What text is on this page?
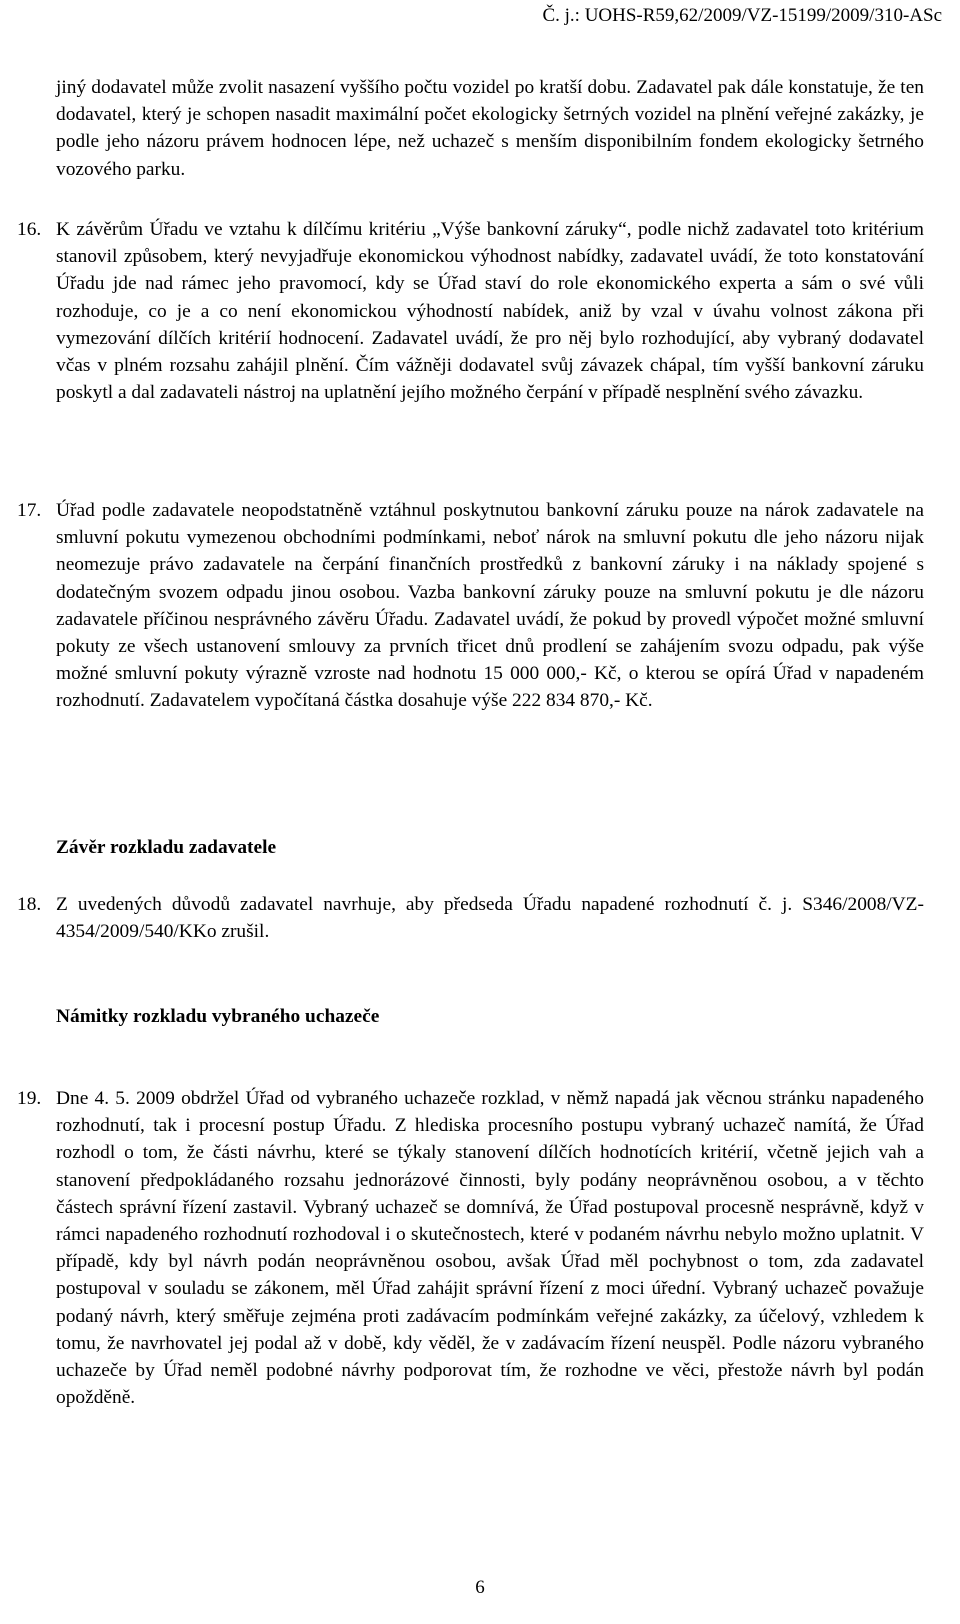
Č. j.: UOHS-R59,62/2009/VZ-15199/2009/310-ASc
jiný dodavatel může zvolit nasazení vyššího počtu vozidel po kratší dobu. Zadavatel pak dále konstatuje, že ten dodavatel, který je schopen nasadit maximální počet ekologicky šetrných vozidel na plnění veřejné zakázky, je podle jeho názoru právem hodnocen lépe, než uchazeč s menším disponibilním fondem ekologicky šetrného vozového parku.
16. K závěrům Úřadu ve vztahu k dílčímu kritériu „Výše bankovní záruky“, podle nichž zadavatel toto kritérium stanovil způsobem, který nevyjadřuje ekonomickou výhodnost nabídky, zadavatel uvádí, že toto konstatování Úřadu jde nad rámec jeho pravomocí, kdy se Úřad staví do role ekonomického experta a sám o své vůli rozhoduje, co je a co není ekonomickou výhodností nabídek, aniž by vzal v úvahu volnost zákona při vymezování dílčích kritérií hodnocení. Zadavatel uvádí, že pro něj bylo rozhodující, aby vybraný dodavatel včas v plném rozsahu zahájil plnění. Čím vážněji dodavatel svůj závazek chápal, tím vyšší bankovní záruku poskytl a dal zadavateli nástroj na uplatnění jejího možného čerpání v případě nesplnění svého závazku.
17. Úřad podle zadavatele neopodstatněně vztáhnul poskytnutou bankovní záruku pouze na nárok zadavatele na smluvní pokutu vymezenou obchodními podmínkami, neboť nárok na smluvní pokutu dle jeho názoru nijak neomezuje právo zadavatele na čerpání finančních prostředků z bankovní záruky i na náklady spojené s dodatečným svozem odpadu jinou osobou. Vazba bankovní záruky pouze na smluvní pokutu je dle názoru zadavatele příčinou nesprávného závěru Úřadu. Zadavatel uvádí, že pokud by provedl výpočet možné smluvní pokuty ze všech ustanovení smlouvy za prvních třicet dnů prodlení se zahájením svozu odpadu, pak výše možné smluvní pokuty výrazně vzroste nad hodnotu 15 000 000,- Kč, o kterou se opírá Úřad v napadeném rozhodnutí. Zadavatelem vypočítaná částka dosahuje výše 222 834 870,- Kč.
Závěr rozkladu zadavatele
18. Z uvedených důvodů zadavatel navrhuje, aby předseda Úřadu napadené rozhodnutí č. j. S346/2008/VZ-4354/2009/540/KKo zrušil.
Námitky rozkladu vybraného uchazeče
19. Dne 4. 5. 2009 obdržel Úřad od vybraného uchazeče rozklad, v němž napadá jak věcnou stránku napadeného rozhodnutí, tak i procesní postup Úřadu. Z hlediska procesního postupu vybraný uchazeč namítá, že Úřad rozhodl o tom, že části návrhu, které se týkaly stanovení dílčích hodnotících kritérií, včetně jejich vah a stanovení předpokládaného rozsahu jednorázové činnosti, byly podány neoprávněnou osobou, a v těchto částech správní řízení zastavil. Vybraný uchazeč se domnívá, že Úřad postupoval procesně nesprávně, když v rámci napadeného rozhodnutí rozhodoval i o skutečnostech, které v podaném návrhu nebylo možno uplatnit. V případě, kdy byl návrh podán neoprávněnou osobou, avšak Úřad měl pochybnost o tom, zda zadavatel postupoval v souladu se zákonem, měl Úřad zahájit správní řízení z moci úřední. Vybraný uchazeč považuje podaný návrh, který směřuje zejména proti zadávacím podmínkám veřejné zakázky, za účelový, vzhledem k tomu, že navrhovatel jej podal až v době, kdy věděl, že v zadávacím řízení neuspěl. Podle názoru vybraného uchazeče by Úřad neměl podobné návrhy podporovat tím, že rozhodne ve věci, přestože návrh byl podán opožděně.
6
